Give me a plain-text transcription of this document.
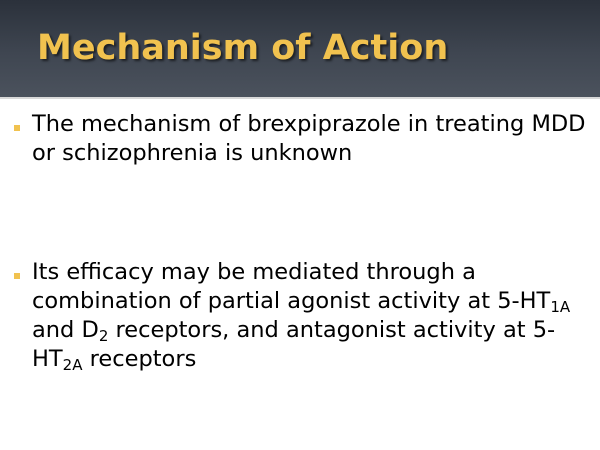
Mechanism of Action

The mechanism of brexpiprazole in treating MDD or schizophrenia is unknown

Its efficacy may be mediated through a combination of partial agonist activity at $5-HT_{1A}$ and $D_2$ receptors, and antagonist activity at $5-HT_{2A}$ receptors
